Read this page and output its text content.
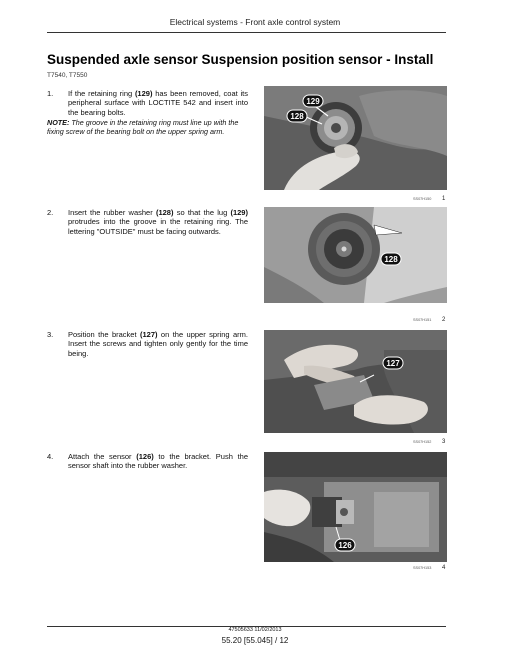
Electrical systems - Front axle control system
Suspended axle sensor Suspension position sensor - Install
T7540, T7550
1. If the retaining ring (129) has been removed, coat its peripheral surface with LOCTITE 542 and insert into the bearing bolts.
NOTE: The groove in the retaining ring must line up with the fixing screw of the bearing bolt on the upper spring arm.
2. Insert the rubber washer (128) so that the lug (129) protrudes into the groove in the retaining ring. The lettering "OUTSIDE" must be facing outwards.
3. Position the bracket (127) on the upper spring arm. Insert the screws and tighten only gently for the time being.
4. Attach the sensor (126) to the bracket. Push the sensor shaft into the rubber washer.
129
128
SS07H150 1
128
SS07H151 2
127
SS07H152 3
126
SS07H153 4
47505633 11/02/2013
55.20 [55.045] / 12
